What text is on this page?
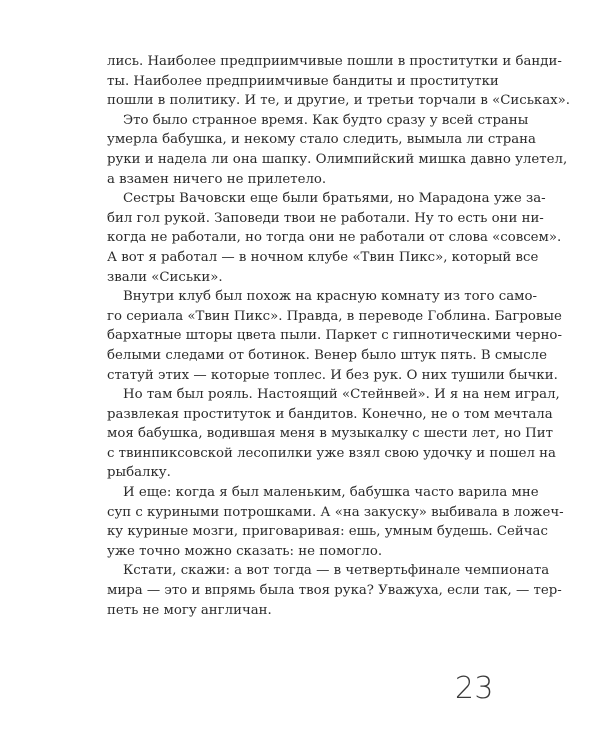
лись. Наиболее предприимчивые пошли в проститутки и банди-
ты. Наиболее предприимчивые бандиты и проститутки
пошли в политику. И те, и другие, и третьи торчали в «Сиськах».
Это было странное время. Как будто сразу у всей страны
умерла бабушка, и некому стало следить, вымыла ли страна
руки и надела ли она шапку. Олимпийский мишка давно улетел,
а взамен ничего не прилетело.
Сестры Вачовски еще были братьями, но Марадона уже за-
бил гол рукой. Заповеди твои не работали. Ну то есть они ни-
когда не работали, но тогда они не работали от слова «совсем».
А вот я работал — в ночном клубе «Твин Пикс», который все
звали «Сиськи».
Внутри клуб был похож на красную комнату из того само-
го сериала «Твин Пикс». Правда, в переводе Гоблина. Багровые
бархатные шторы цвета пыли. Паркет с гипнотическими черно-
белыми следами от ботинок. Венер было штук пять. В смысле
статуй этих — которые топлес. И без рук. О них тушили бычки.
Но там был рояль. Настоящий «Стейнвей». И я на нем играл,
развлекая проституток и бандитов. Конечно, не о том мечтала
моя бабушка, водившая меня в музыкалку с шести лет, но Пит
с твинпиксовской лесопилки уже взял свою удочку и пошел на
рыбалку.
И еще: когда я был маленьким, бабушка часто варила мне
суп с куриными потрошками. А «на закуску» выбивала в ложеч-
ку куриные мозги, приговаривая: ешь, умным будешь. Сейчас
уже точно можно сказать: не помогло.
Кстати, скажи: а вот тогда — в четвертьфинале чемпионата
мира — это и впрямь была твоя рука? Уважуха, если так, — тер-
петь не могу англичан.
23
